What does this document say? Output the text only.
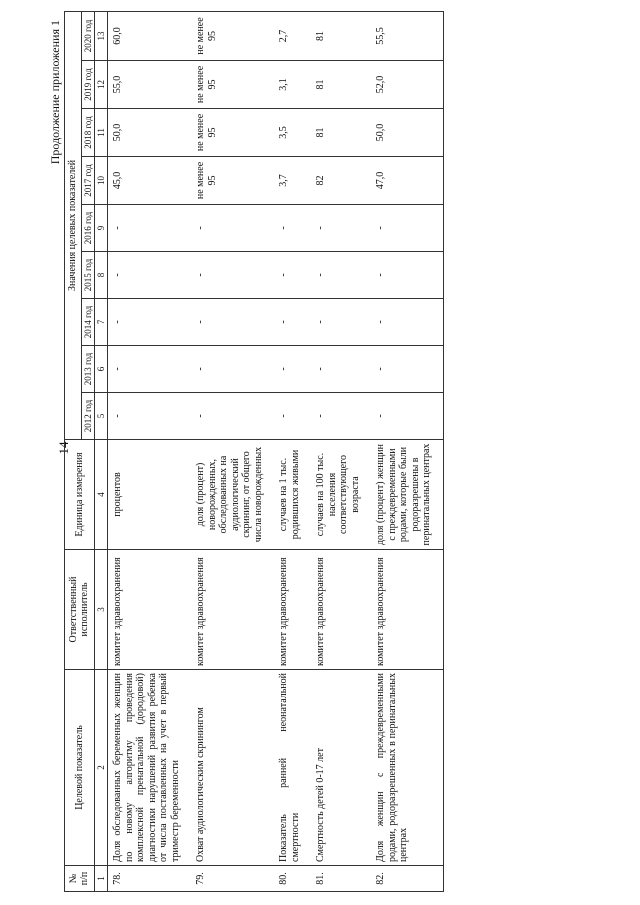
14
Продолжение приложения 1
№ п/п	Целевой показатель	Ответственный исполнитель	Единица измерения	Значения целевых показателей								
				2012 год	2013 год	2014 год	2015 год	2016 год	2017 год	2018 год	2019 год	2020 год
1	2	3	4	5	6	7	8	9	10	11	12	13
78.	Доля обследованных беременных женщин по новому алгоритму проведения комплексной пренатальной (дородовой) диагностики нарушений развития ребенка от числа поставленных на учет в первый триместр беременности	комитет здравоохранения	процентов	-	-	-	-	-	45,0	50,0	55,0	60,0
79.	Охват аудиологическим скринингом	комитет здравоохранения	доля (процент) новорожденных, обследованных на аудиологический скрининг, от общего числа новорожденных	-	-	-	-	-	не менее 95	не менее 95	не менее 95	не менее 95
80.	Показатель ранней неонатальной смертности	комитет здравоохранения	случаев на 1 тыс. родившихся живыми	-	-	-	-	-	3,7	3,5	3,1	2,7
81.	Смертность детей 0-17 лет	комитет здравоохранения	случаев на 100 тыс. населения соответствующего возраста	-	-	-	-	-	82	81	81	81
82.	Доля женщин с преждевременными родами, родоразрешенных в перинатальных центрах	комитет здравоохранения	доля (процент) женщин с преждевременными родами, которые были родоразрешены в перинатальных центрах	-	-	-	-	-	47,0	50,0	52,0	55,5
